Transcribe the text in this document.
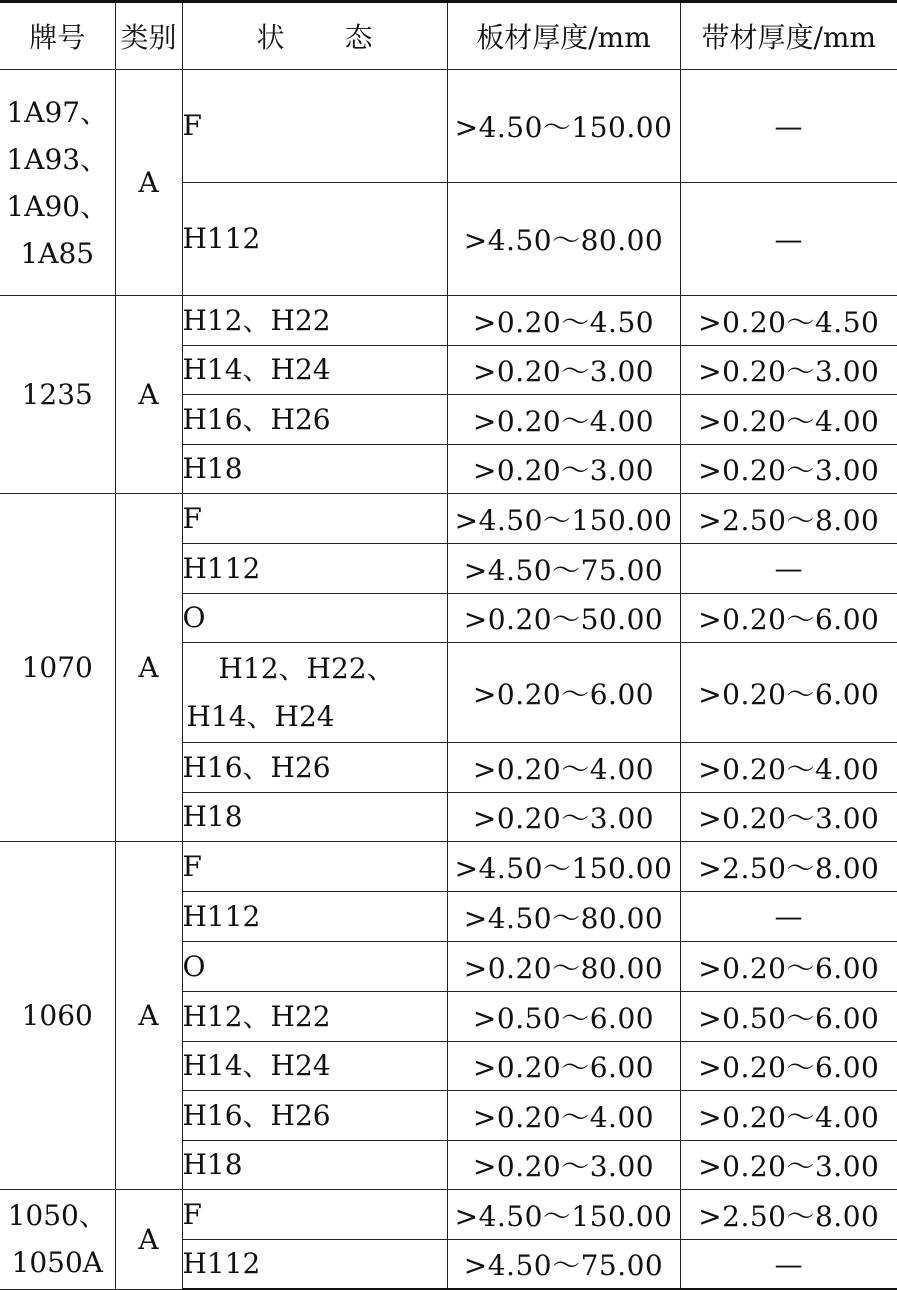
牌号	类别	状 态	板材厚度/mm	带材厚度/mm

1A97、
1A93、
1A90、
1A85	A	F	>4.50～150.00	—
		H112	>4.50～80.00	—
1235	A	H12、H22	>0.20～4.50	>0.20～4.50
		H14、H24	>0.20～3.00	>0.20～3.00
		H16、H26	>0.20～4.00	>0.20～4.00
		H18	>0.20～3.00	>0.20～3.00
1070	A	F	>4.50～150.00	>2.50～8.00
		H112	>4.50～75.00	—
		O	>0.20～50.00	>0.20～6.00
		H12、H22、H14、H24	>0.20～6.00	>0.20～6.00
		H16、H26	>0.20～4.00	>0.20～4.00
		H18	>0.20～3.00	>0.20～3.00
1060	A	F	>4.50～150.00	>2.50～8.00
		H112	>4.50～80.00	—
		O	>0.20～80.00	>0.20～6.00
		H12、H22	>0.50～6.00	>0.50～6.00
		H14、H24	>0.20～6.00	>0.20～6.00
		H16、H26	>0.20～4.00	>0.20～4.00
		H18	>0.20～3.00	>0.20～3.00

1050、
1050A	A	F	>4.50～150.00	>2.50～8.00
		H112	>4.50～75.00	—
